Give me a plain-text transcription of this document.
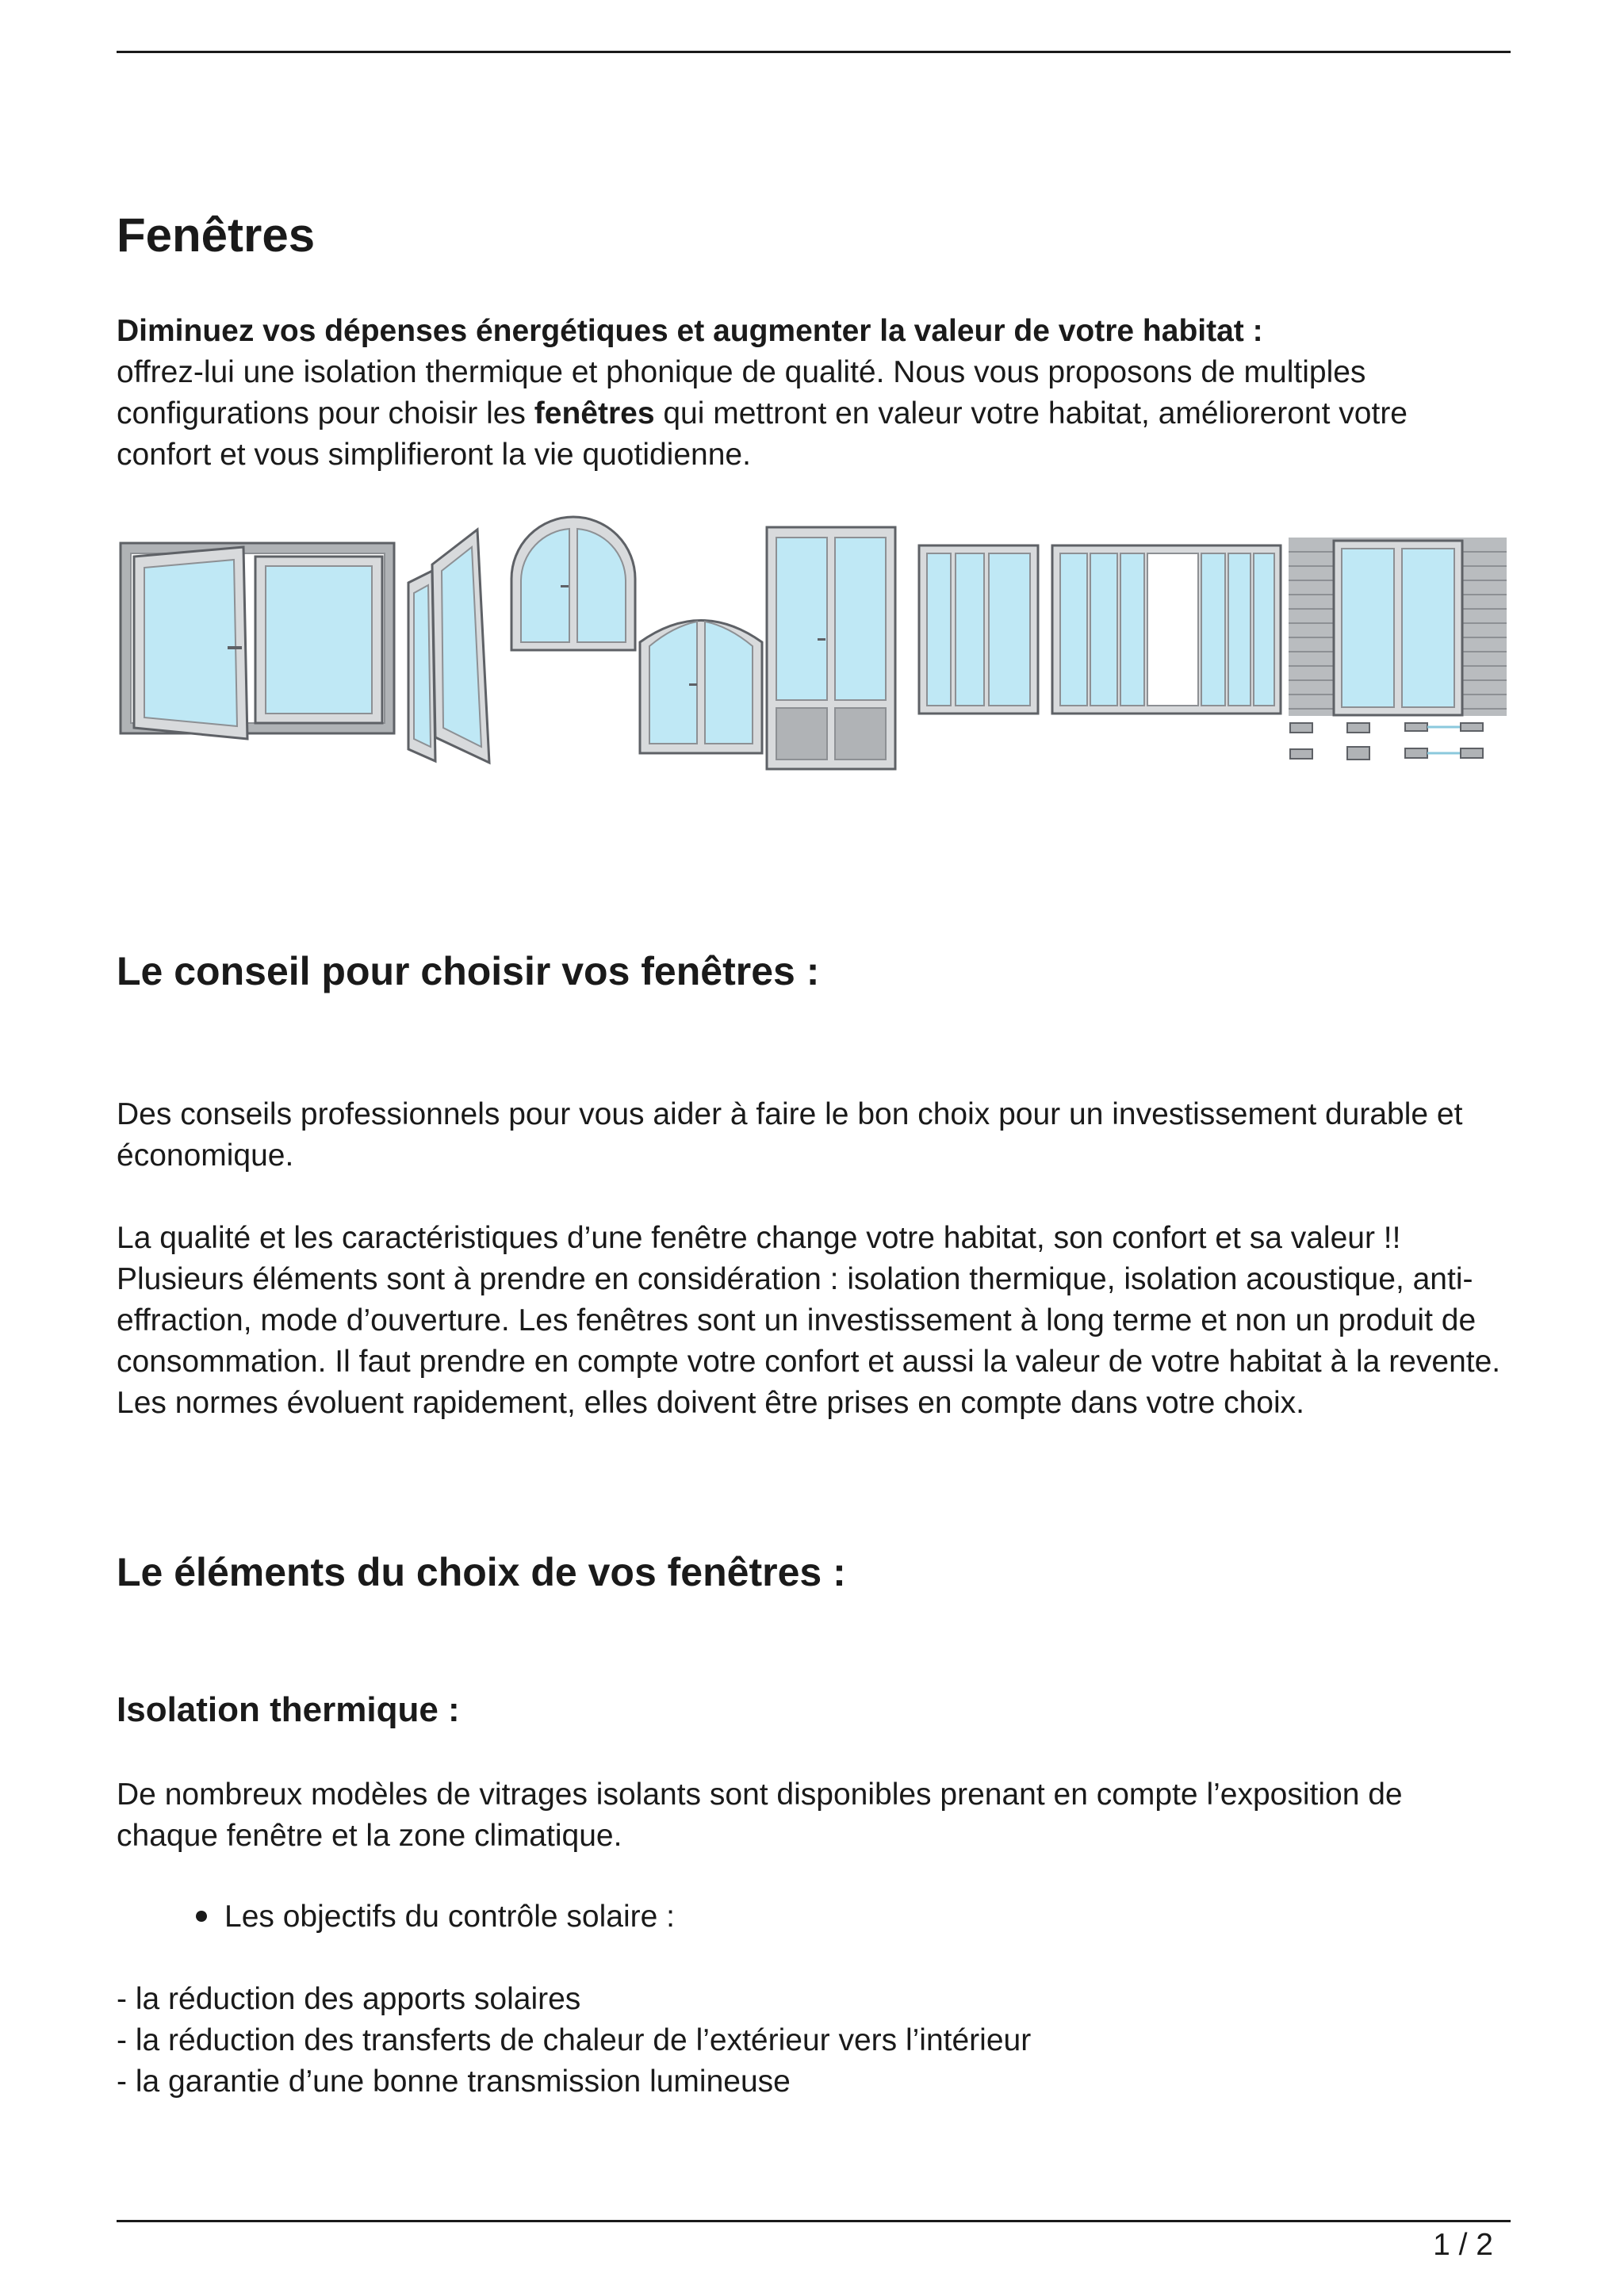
Fenêtres

Diminuez vos dépenses énergétiques et augmenter la valeur de votre habitat :
offrez-lui une isolation thermique et phonique de qualité. Nous vous proposons de multiples configurations pour choisir les fenêtres qui mettront en valeur votre habitat, amélioreront votre confort et vous simplifieront la vie quotidienne.

Le conseil pour choisir vos fenêtres :

Des conseils professionnels pour vous aider à faire le bon choix pour un investissement durable et économique.

La qualité et les caractéristiques d’une fenêtre change votre habitat, son confort et sa valeur !! Plusieurs éléments sont à prendre en considération : isolation thermique, isolation acoustique, anti-effraction, mode d’ouverture. Les fenêtres sont un investissement à long terme et non un produit de consommation. Il faut prendre en compte votre confort et aussi la valeur de votre habitat à la revente. Les normes évoluent rapidement, elles doivent être prises en compte dans votre choix.

Le éléments du choix de vos fenêtres :
Isolation thermique :

De nombreux modèles de vitrages isolants sont disponibles prenant en compte l’exposition de chaque fenêtre et la zone climatique.

Les objectifs du contrôle solaire :
- la réduction des apports solaires
- la réduction des transferts de chaleur de l’extérieur vers l’intérieur
- la garantie d’une bonne transmission lumineuse
1 / 2
